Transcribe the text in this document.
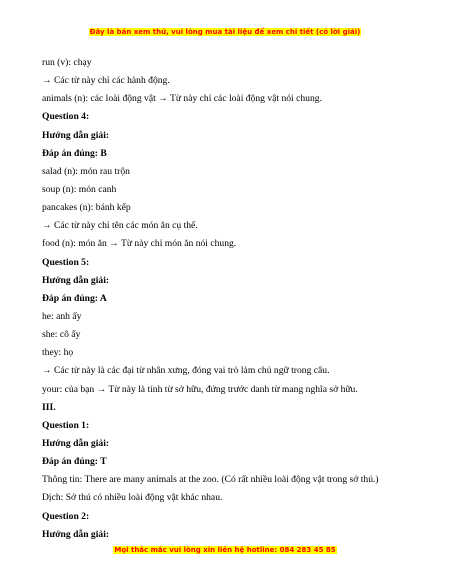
Đây là bản xem thử, vui lòng mua tài liệu để xem chi tiết (có lời giải)
run (v): chạy
→ Các từ này chỉ các hành động.
animals (n): các loài động vật → Từ này chỉ các loài động vật nói chung.
Question 4:
Hướng dẫn giải:
Đáp án đúng: B
salad (n): món rau trộn
soup (n): món canh
pancakes (n): bánh kếp
→ Các từ này chỉ tên các món ăn cụ thể.
food (n): món ăn → Từ này chỉ món ăn nói chung.
Question 5:
Hướng dẫn giải:
Đáp án đúng: A
he: anh ấy
she: cô ấy
they: họ
→ Các từ này là các đại từ nhân xưng, đóng vai trò làm chủ ngữ trong câu.
your: của bạn → Từ này là tính từ sở hữu, đứng trước danh từ mang nghĩa sở hữu.
III.
Question 1:
Hướng dẫn giải:
Đáp án đúng: T
Thông tin: There are many animals at the zoo. (Có rất nhiều loài động vật trong sở thú.)
Dịch: Sở thú có nhiều loài động vật khác nhau.
Question 2:
Hướng dẫn giải:
Mọi thắc mắc vui lòng xin liên hệ hotline: 084 283 45 85
